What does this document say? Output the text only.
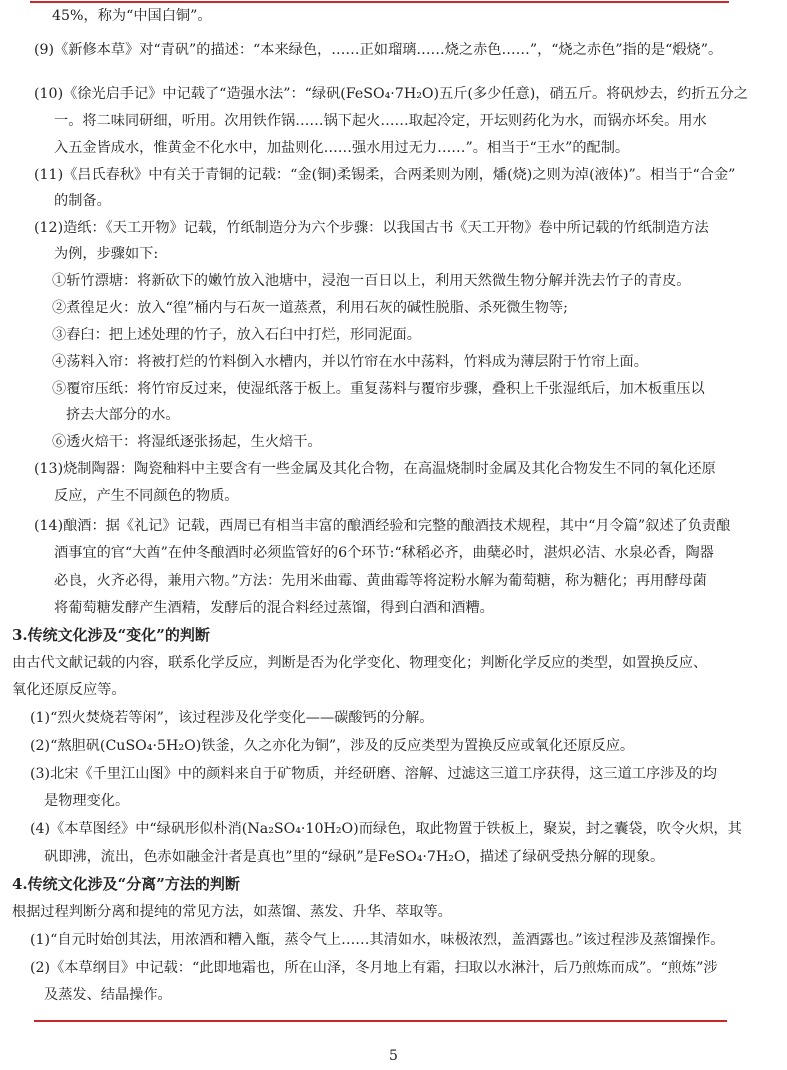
45%，称为“中国白铜”。
(9)《新修本草》对“青矾”的描述：“本来绿色，……正如瑠璃……烧之赤色……”，“烧之赤色”指的是“煅烧”。
(10)《徐光启手记》中记载了“造强水法”：“绿矾(FeSO₄·7H₂O)五斤(多少任意)，硝五斤。将矾炒去，约折五分之
一。将二味同研细，听用。次用铁作锅……锅下起火……取起冷定，开坛则药化为水，而锅亦坏矣。用水
入五金皆成水，惟黄金不化水中，加盐则化……强水用过无力……”。相当于“王水”的配制。
(11)《吕氏春秋》中有关于青铜的记载：“金(铜)柔锡柔，合两柔则为刚，燔(烧)之则为淖(液体)”。相当于“合金”
的制备。
(12)造纸：《天工开物》记载，竹纸制造分为六个步骤：以我国古书《天工开物》卷中所记载的竹纸制造方法
为例，步骤如下:
①斩竹漂塘：将新砍下的嫩竹放入池塘中，浸泡一百日以上，利用天然微生物分解并洗去竹子的青皮。
②煮徨足火：放入“徨”桶内与石灰一道蒸煮，利用石灰的碱性脱脂、杀死微生物等;
③舂臼：把上述处理的竹子，放入石臼中打烂，形同泥面。
④荡料入帘：将被打烂的竹料倒入水槽内，并以竹帘在水中荡料，竹料成为薄层附于竹帘上面。
⑤覆帘压纸：将竹帘反过来，使湿纸落于板上。重复荡料与覆帘步骤，叠积上千张湿纸后，加木板重压以
挤去大部分的水。
⑥透火焙干：将湿纸逐张扬起，生火焙干。
(13)烧制陶器：陶瓷釉料中主要含有一些金属及其化合物，在高温烧制时金属及其化合物发生不同的氧化还原
反应，产生不同颜色的物质。
(14)酿酒：据《礼记》记载，西周已有相当丰富的酿酒经验和完整的酿酒技术规程，其中“月令篇”叙述了负责酿
酒事宜的官“大酋”在仲冬酿酒时必须监管好的6个环节:“秫稻必齐，曲蘖必时，湛炽必洁、水泉必香，陶器
必良，火齐必得，兼用六物。”方法：先用米曲霉、黄曲霉等将淀粉水解为葡萄糖，称为糖化；再用酵母菌
将葡萄糖发酵产生酒精，发酵后的混合料经过蒸馏，得到白酒和酒糟。
3.传统文化涉及“变化”的判断
由古代文献记载的内容，联系化学反应，判断是否为化学变化、物理变化；判断化学反应的类型，如置换反应、
氧化还原反应等。
(1)“烈火焚烧若等闲”，该过程涉及化学变化——碳酸钙的分解。
(2)“熬胆矾(CuSO₄·5H₂O)铁釜，久之亦化为铜”，涉及的反应类型为置换反应或氧化还原反应。
(3)北宋《千里江山图》中的颜料来自于矿物质，并经研磨、溶解、过滤这三道工序获得，这三道工序涉及的均
是物理变化。
(4)《本草图经》中“绿矾形似朴消(Na₂SO₄·10H₂O)而绿色，取此物置于铁板上，聚炭，封之囊袋，吹令火炽，其
矾即沸，流出，色赤如融金汁者是真也”里的“绿矾”是FeSO₄·7H₂O，描述了绿矾受热分解的现象。
4.传统文化涉及“分离”方法的判断
根据过程判断分离和提纯的常见方法，如蒸馏、蒸发、升华、萃取等。
(1)“自元时始创其法，用浓酒和糟入甑，蒸令气上……其清如水，味极浓烈，盖酒露也。”该过程涉及蒸馏操作。
(2)《本草纲目》中记载：“此即地霜也，所在山泽，冬月地上有霜，扫取以水淋汁，后乃煎炼而成”。“煎炼”涉
及蒸发、结晶操作。
5
